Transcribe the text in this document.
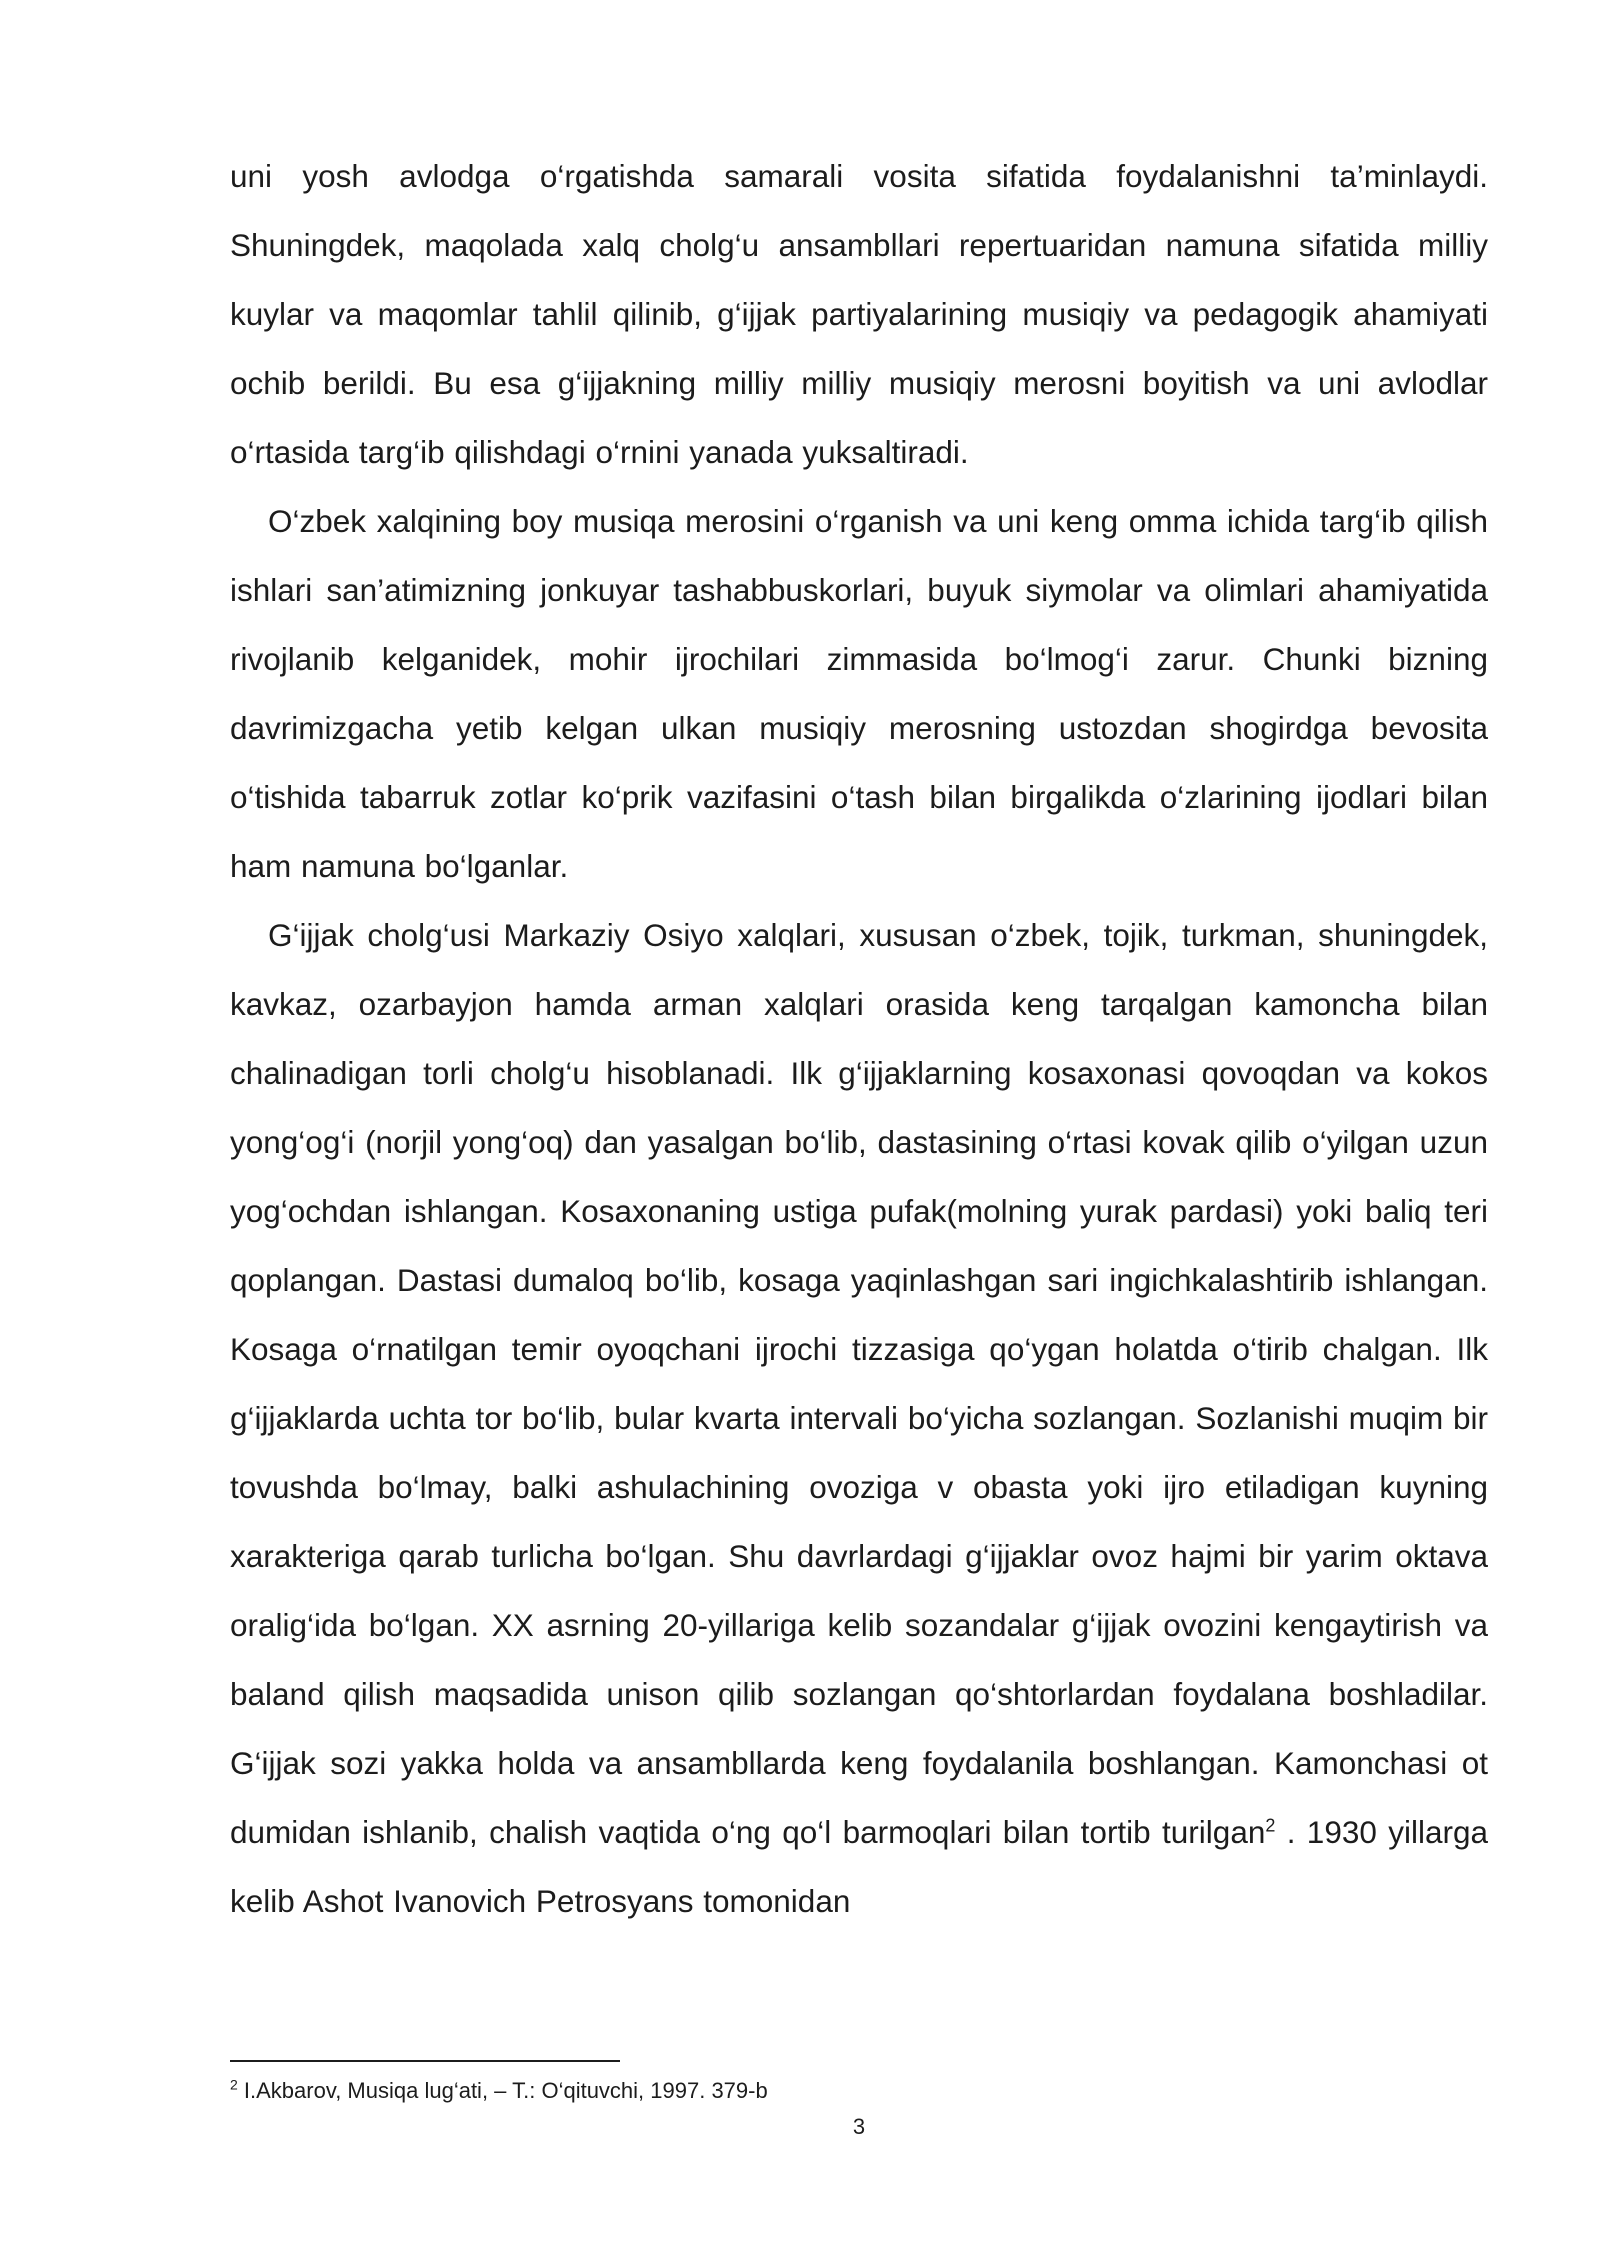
uni yosh avlodga o‘rgatishda samarali vosita sifatida foydalanishni ta’minlaydi. Shuningdek, maqolada xalq cholg‘u ansambllari repertuaridan namuna sifatida milliy kuylar va maqomlar tahlil qilinib, g‘ijjak partiyalarining musiqiy va pedagogik ahamiyati ochib berildi. Bu esa g‘ijjakning milliy milliy musiqiy merosni boyitish va uni avlodlar o‘rtasida targ‘ib qilishdagi o‘rnini yanada yuksaltiradi.

O‘zbek xalqining boy musiqa merosini o‘rganish va uni keng omma ichida targ‘ib qilish ishlari san’atimizning jonkuyar tashabbuskorlari, buyuk siymolar va olimlari ahamiyatida rivojlanib kelganidek, mohir ijrochilari zimmasida bo‘lmog‘i zarur. Chunki bizning davrimizgacha yetib kelgan ulkan musiqiy merosning ustozdan shogirdga bevosita o‘tishida tabarruk zotlar ko‘prik vazifasini o‘tash bilan birgalikda o‘zlarining ijodlari bilan ham namuna bo‘lganlar.

G‘ijjak cholg‘usi Markaziy Osiyo xalqlari, xususan o‘zbek, tojik, turkman, shuningdek, kavkaz, ozarbayjon hamda arman xalqlari orasida keng tarqalgan kamoncha bilan chalinadigan torli cholg‘u hisoblanadi. Ilk g‘ijjaklarning kosaxonasi qovoqdan va kokos yong‘og‘i (norjil yong‘oq) dan yasalgan bo‘lib, dastasining o‘rtasi kovak qilib o‘yilgan uzun yog‘ochdan ishlangan. Kosaxonaning ustiga pufak(molning yurak pardasi) yoki baliq teri qoplangan. Dastasi dumaloq bo‘lib, kosaga yaqinlashgan sari ingichkalashtirib ishlangan. Kosaga o‘rnatilgan temir oyoqchani ijrochi tizzasiga qo‘ygan holatda o‘tirib chalgan. Ilk g‘ijjaklarda uchta tor bo‘lib, bular kvarta intervali bo‘yicha sozlangan. Sozlanishi muqim bir tovushda bo‘lmay, balki ashulachining ovoziga v obasta yoki ijro etiladigan kuyning xarakteriga qarab turlicha bo‘lgan. Shu davrlardagi g‘ijjaklar ovoz hajmi bir yarim oktava oralig‘ida bo‘lgan. XX asrning 20-yillariga kelib sozandalar g‘ijjak ovozini kengaytirish va baland qilish maqsadida unison qilib sozlangan qo‘shtorlardan foydalana boshladilar. G‘ijjak sozi yakka holda va ansambllarda keng foydalanila boshlangan. Kamonchasi ot dumidan ishlanib, chalish vaqtida o‘ng qo‘l barmoqlari bilan tortib turilgan$^2$ . 1930 yillarga kelib Ashot Ivanovich Petrosyans tomonidan

$^2$ I.Akbarov, Musiqa lug‘ati, – T.: O‘qituvchi, 1997. 379-b
3
